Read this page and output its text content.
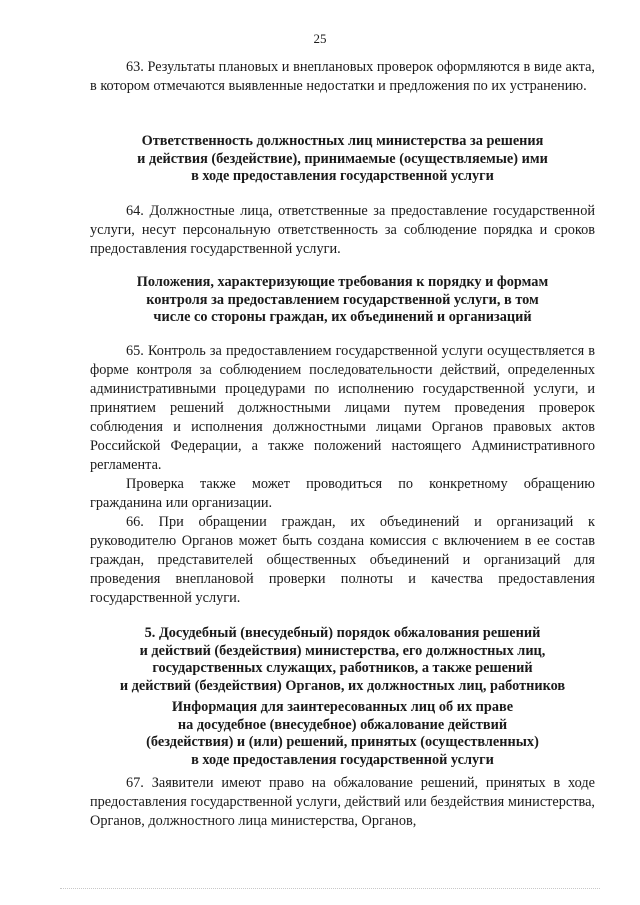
25

63. Результаты плановых и внеплановых проверок оформляются в виде акта, в котором отмечаются выявленные недостатки и предложения по их устранению.

Ответственность должностных лиц министерства за решения
и действия (бездействие), принимаемые (осуществляемые) ими
в ходе предоставления государственной услуги

64. Должностные лица, ответственные за предоставление государственной услуги, несут персональную ответственность за соблюдение порядка и сроков предоставления государственной услуги.

Положения, характеризующие требования к порядку и формам
контроля за предоставлением государственной услуги, в том
числе со стороны граждан, их объединений и организаций

65. Контроль за предоставлением государственной услуги осуществляется в форме контроля за соблюдением последовательности действий, определенных административными процедурами по исполнению государственной услуги, и принятием решений должностными лицами путем проведения проверок соблюдения и исполнения должностными лицами Органов правовых актов Российской Федерации, а также положений настоящего Административного регламента.

Проверка также может проводиться по конкретному обращению гражданина или организации.

66. При обращении граждан, их объединений и организаций к руководителю Органов может быть создана комиссия с включением в ее состав граждан, представителей общественных объединений и организаций для проведения внеплановой проверки полноты и качества предоставления государственной услуги.

5. Досудебный (внесудебный) порядок обжалования решений
и действий (бездействия) министерства, его должностных лиц,
государственных служащих, работников, а также решений
и действий (бездействия) Органов, их должностных лиц, работников

Информация для заинтересованных лиц об их праве
на досудебное (внесудебное) обжалование действий
(бездействия) и (или) решений, принятых (осуществленных)
в ходе предоставления государственной услуги

67. Заявители имеют право на обжалование решений, принятых в ходе предоставления государственной услуги, действий или бездействия министерства, Органов, должностного лица министерства, Органов,
